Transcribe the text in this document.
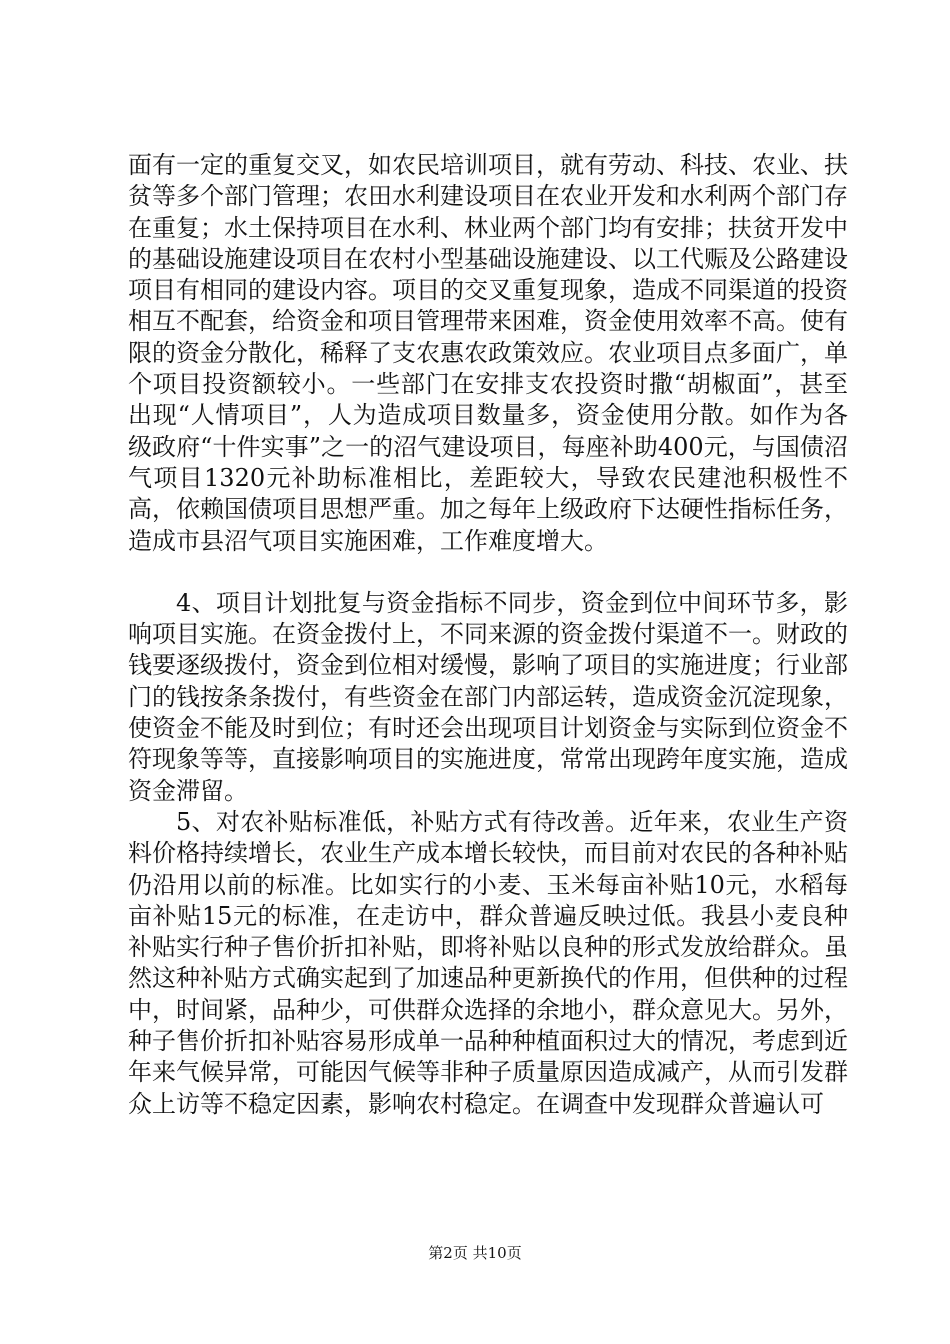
面有一定的重复交叉，如农民培训项目，就有劳动、科技、农业、扶贫等多个部门管理；农田水利建设项目在农业开发和水利两个部门存在重复；水土保持项目在水利、林业两个部门均有安排；扶贫开发中的基础设施建设项目在农村小型基础设施建设、以工代赈及公路建设项目有相同的建设内容。项目的交叉重复现象，造成不同渠道的投资相互不配套，给资金和项目管理带来困难，资金使用效率不高。使有限的资金分散化，稀释了支农惠农政策效应。农业项目点多面广，单个项目投资额较小。一些部门在安排支农投资时撒“胡椒面”，甚至出现“人情项目”，人为造成项目数量多，资金使用分散。如作为各级政府“十件实事”之一的沼气建设项目，每座补助400元，与国债沼气项目1320元补助标准相比，差距较大，导致农民建池积极性不高，依赖国债项目思想严重。加之每年上级政府下达硬性指标任务，造成市县沼气项目实施困难，工作难度增大。

4、项目计划批复与资金指标不同步，资金到位中间环节多，影响项目实施。在资金拨付上，不同来源的资金拨付渠道不一。财政的钱要逐级拨付，资金到位相对缓慢，影响了项目的实施进度；行业部门的钱按条条拨付，有些资金在部门内部运转，造成资金沉淀现象，使资金不能及时到位；有时还会出现项目计划资金与实际到位资金不符现象等等，直接影响项目的实施进度，常常出现跨年度实施，造成资金滞留。

5、对农补贴标准低，补贴方式有待改善。近年来，农业生产资料价格持续增长，农业生产成本增长较快，而目前对农民的各种补贴仍沿用以前的标准。比如实行的小麦、玉米每亩补贴10元，水稻每亩补贴15元的标准，在走访中，群众普遍反映过低。我县小麦良种补贴实行种子售价折扣补贴，即将补贴以良种的形式发放给群众。虽然这种补贴方式确实起到了加速品种更新换代的作用，但供种的过程中，时间紧，品种少，可供群众选择的余地小，群众意见大。另外，种子售价折扣补贴容易形成单一品种种植面积过大的情况，考虑到近年来气候异常，可能因气候等非种子质量原因造成减产，从而引发群众上访等不稳定因素，影响农村稳定。在调查中发现群众普遍认可

第2页 共10页
